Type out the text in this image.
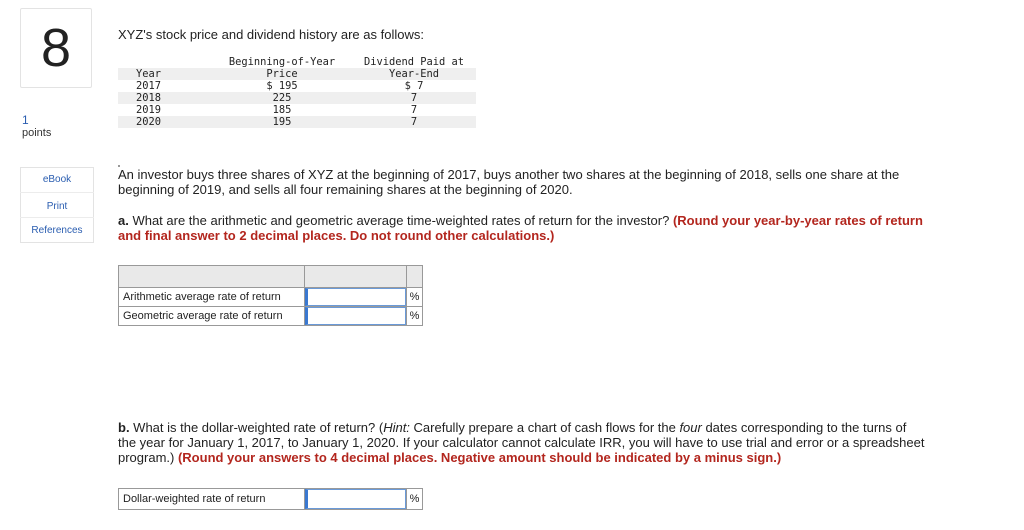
8
1
points
eBook
Print
References
XYZ's stock price and dividend history are as follows:
	Beginning-of-Year	Dividend Paid at
Year	Price	Year-End
2017	$ 195	$ 7
2018	225	7
2019	185	7
2020	195	7
An investor buys three shares of XYZ at the beginning of 2017, buys another two shares at the beginning of 2018, sells one share at the beginning of 2019, and sells all four remaining shares at the beginning of 2020.
a. What are the arithmetic and geometric average time-weighted rates of return for the investor? (Round your year-by-year rates of return and final answer to 2 decimal places. Do not round other calculations.)

Arithmetic average rate of return		%
Geometric average rate of return		%
b. What is the dollar-weighted rate of return? (Hint: Carefully prepare a chart of cash flows for the four dates corresponding to the turns of the year for January 1, 2017, to January 1, 2020. If your calculator cannot calculate IRR, you will have to use trial and error or a spreadsheet program.) (Round your answers to 4 decimal places. Negative amount should be indicated by a minus sign.)
Dollar-weighted rate of return		%
